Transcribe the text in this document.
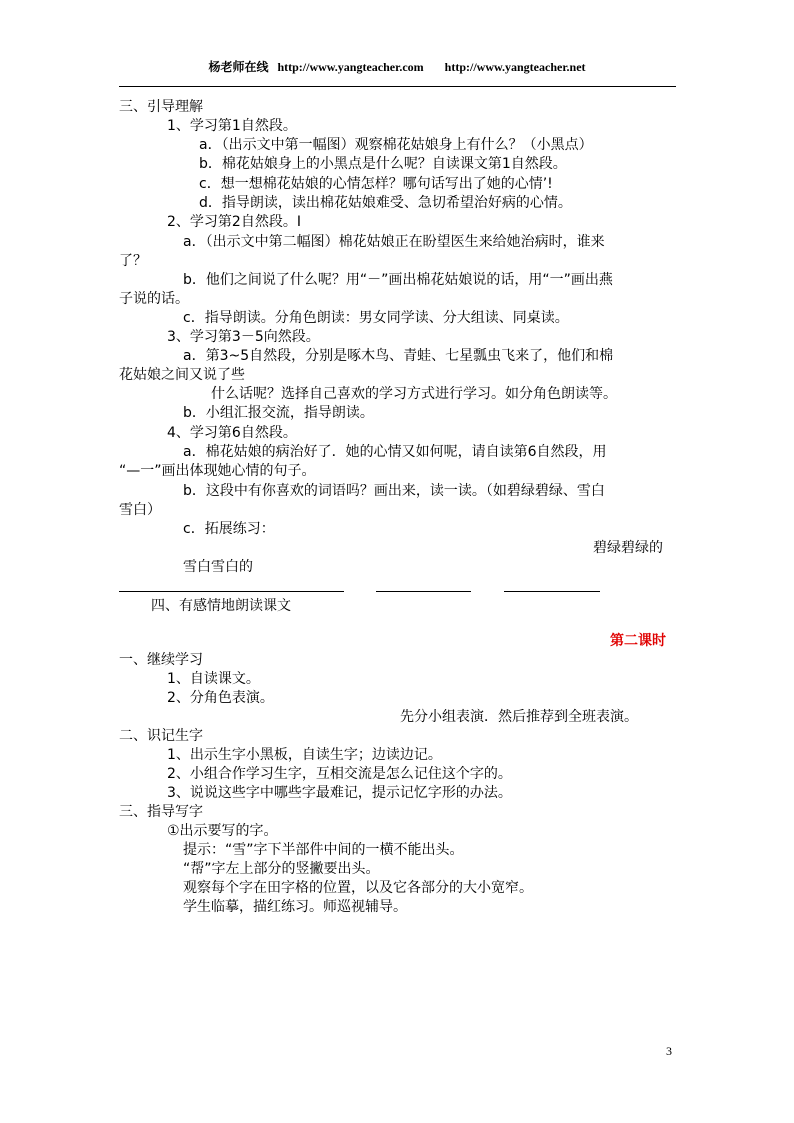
杨老师在线 http://www.yangteacher.com http://www.yangteacher.net
三、引导理解
1、学习第1自然段。
a．（出示文中第一幅图）观察棉花姑娘身上有什么？（小黑点）
b．棉花姑娘身上的小黑点是什么呢？自读课文第1自然段。
c．想一想棉花姑娘的心情怎样？哪句话写出了她的心情’!
d．指导朗读，读出棉花姑娘难受、急切希望治好病的心情。
2、学习第2自然段。I
a．（出示文中第二幅图）棉花姑娘正在盼望医生来给她治病时，谁来
了？
b．他们之间说了什么呢？用“－”画出棉花姑娘说的话，用“一”画出燕
子说的话。
c．指导朗读。分角色朗读：男女同学读、分大组读、同桌读。
3、学习第3－5向然段。
a．第3~5自然段，分别是啄木鸟、青蛙、七星瓢虫飞来了，他们和棉
花姑娘之间又说了些
什么话呢？选择自己喜欢的学习方式进行学习。如分角色朗读等。
b．小组汇报交流，指导朗读。
4、学习第6自然段。
a．棉花姑娘的病治好了．她的心情又如何呢，请自读第6自然段，用
“—一”画出体现她心情的句子。
b．这段中有你喜欢的词语吗？画出来，读一读。（如碧绿碧绿、雪白
雪白）
c．拓展练习：
碧绿碧绿的
雪白雪白的
四、有感情地朗读课文
第二课时
一、继续学习
1、自读课文。
2、分角色表演。
先分小组表演．然后推荐到全班表演。
二、识记生字
1、出示生字小黑板，自读生字；边读边记。
2、小组合作学习生字，互相交流是怎么记住这个字的。
3、说说这些字中哪些字最难记，提示记忆字形的办法。
三、指导写字
①出示要写的字。
提示：“雪”字下半部件中间的一横不能出头。
“帮”字左上部分的竖撇要出头。
观察每个字在田字格的位置，以及它各部分的大小宽窄。
学生临摹，描红练习。师巡视辅导。
3
